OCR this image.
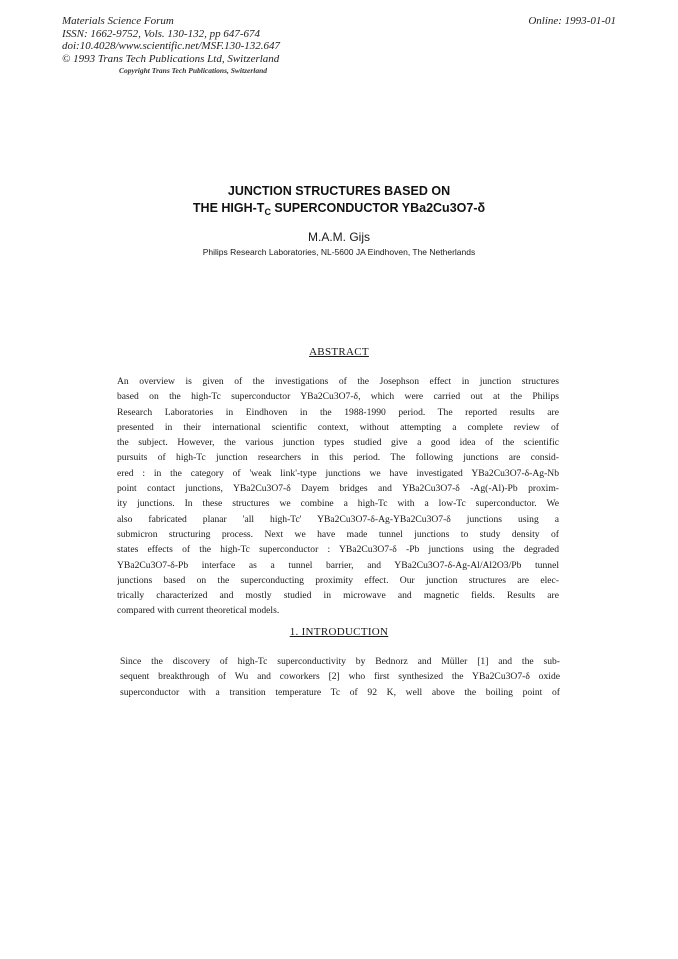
Materials Science Forum
ISSN: 1662-9752, Vols. 130-132, pp 647-674
doi:10.4028/www.scientific.net/MSF.130-132.647
© 1993 Trans Tech Publications Ltd, Switzerland
Online: 1993-01-01
Copyright Trans Tech Publications, Switzerland
JUNCTION STRUCTURES BASED ON
THE HIGH-$T_C$ SUPERCONDUCTOR YBa2Cu3O7-δ
M.A.M. Gijs
Philips Research Laboratories, NL-5600 JA Eindhoven, The Netherlands
ABSTRACT
An overview is given of the investigations of the Josephson effect in junction structures
based on the high-Tc superconductor YBa2Cu3O7-δ, which were carried out at the Philips
Research Laboratories in Eindhoven in the 1988-1990 period. The reported results are
presented in their international scientific context, without attempting a complete review of
the subject. However, the various junction types studied give a good idea of the scientific
pursuits of high-Tc junction researchers in this period. The following junctions are consid-
ered : in the category of 'weak link'-type junctions we have investigated YBa2Cu3O7-δ-Ag-Nb
point contact junctions, YBa2Cu3O7-δ Dayem bridges and YBa2Cu3O7-δ -Ag(-Al)-Pb proxim-
ity junctions. In these structures we combine a high-Tc with a low-Tc superconductor. We
also fabricated planar 'all high-Tc' YBa2Cu3O7-δ-Ag-YBa2Cu3O7-δ junctions using a
submicron structuring process. Next we have made tunnel junctions to study density of
states effects of the high-Tc superconductor : YBa2Cu3O7-δ -Pb junctions using the degraded
YBa2Cu3O7-δ-Pb interface as a tunnel barrier, and YBa2Cu3O7-δ-Ag-Al/Al2O3/Pb tunnel
junctions based on the superconducting proximity effect. Our junction structures are elec-
trically characterized and mostly studied in microwave and magnetic fields. Results are
compared with current theoretical models.
1. INTRODUCTION
Since the discovery of high-Tc superconductivity by Bednorz and Müller [1] and the sub-
sequent breakthrough of Wu and coworkers [2] who first synthesized the YBa2Cu3O7-δ oxide
superconductor with a transition temperature Tc of 92 K, well above the boiling point of
